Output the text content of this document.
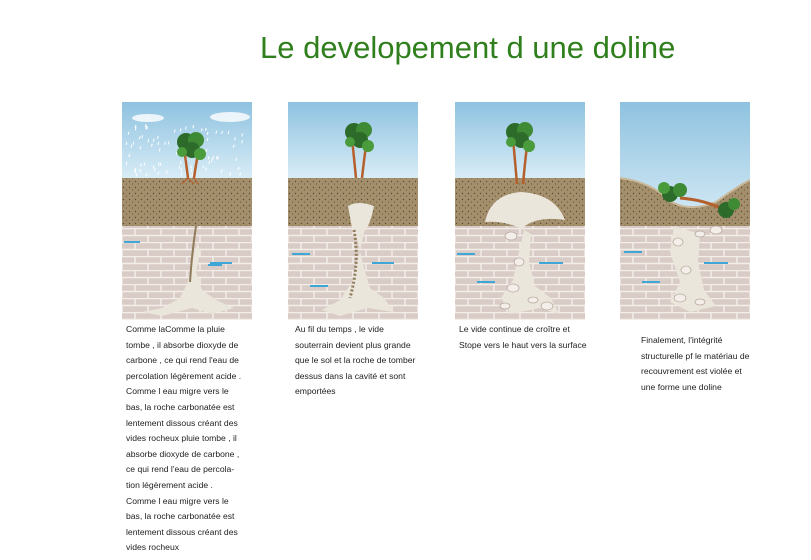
Le developement d une doline
Comme laComme la pluie
tombe , il absorbe dioxyde de
carbone , ce qui rend l'eau de
percolation légèrement acide .
Comme l eau migre vers le
bas, la roche carbonatée est
lentement dissous créant des
vides rocheux pluie tombe , il
absorbe dioxyde de carbone ,
ce qui rend l'eau de percola-
tion légèrement acide .
Comme l eau migre vers le
bas, la roche carbonatée est
lentement dissous créant des
vides rocheux
Au fil du temps , le vide
souterrain devient plus grande
que le sol et la roche de tomber
dessus dans la cavité et sont
emportées
Le vide continue de croître et
Stope vers le haut vers la surface	Finalement, l'intégrité
structurelle pf le matériau de
recouvrement est violée et
une forme une doline
